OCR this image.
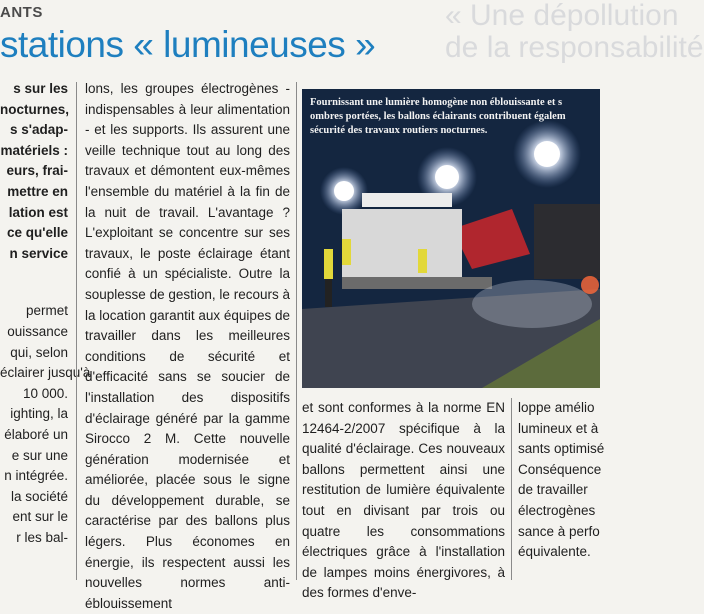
ANTS
stations « lumineuses »
« Une dépollution
de la responsabilité

s sur les

nocturnes,

s s'adap-

matériels :

eurs, frai-

mettre en

lation est

ce qu'elle

n service

permet

ouissance

qui, selon

éclairer jusqu'à

10 000.

ighting, la

élaboré un

e sur une

n intégrée.

la société

ent sur le

r les bal-

lons, les groupes électrogènes - indispensables à leur alimentation - et les supports. Ils assurent une veille technique tout au long des travaux et démontent eux-mêmes l'ensemble du matériel à la fin de la nuit de travail. L'avantage ? L'exploitant se concentre sur ses travaux, le poste éclairage étant confié à un spécialiste. Outre la souplesse de gestion, le recours à la location garantit aux équipes de travailler dans les meilleures conditions de sécurité et d'efficacité sans se soucier de l'installation des dispositifs d'éclairage généré par la gamme Sirocco 2 M. Cette nouvelle génération modernisée et améliorée, placée sous le signe du développement durable, se caractérise par des ballons plus légers. Plus économes en énergie, ils respectent aussi les nouvelles normes anti-éblouissement

Fournissant une lumière homogène non éblouissante et s
ombres portées, les ballons éclairants contribuent égalem
sécurité des travaux routiers nocturnes.

et sont conformes à la norme EN 12464-2/2007 spécifique à la qualité d'éclairage. Ces nouveaux ballons permettent ainsi une restitution de lumière équivalente tout en divisant par trois ou quatre les consommations électriques grâce à l'installation de lampes moins énergivores, à des formes d'enve-

loppe amélio

lumineux et à

sants optimisé

Conséquence

de travailler

électrogènes

sance à perfo

équivalente.
